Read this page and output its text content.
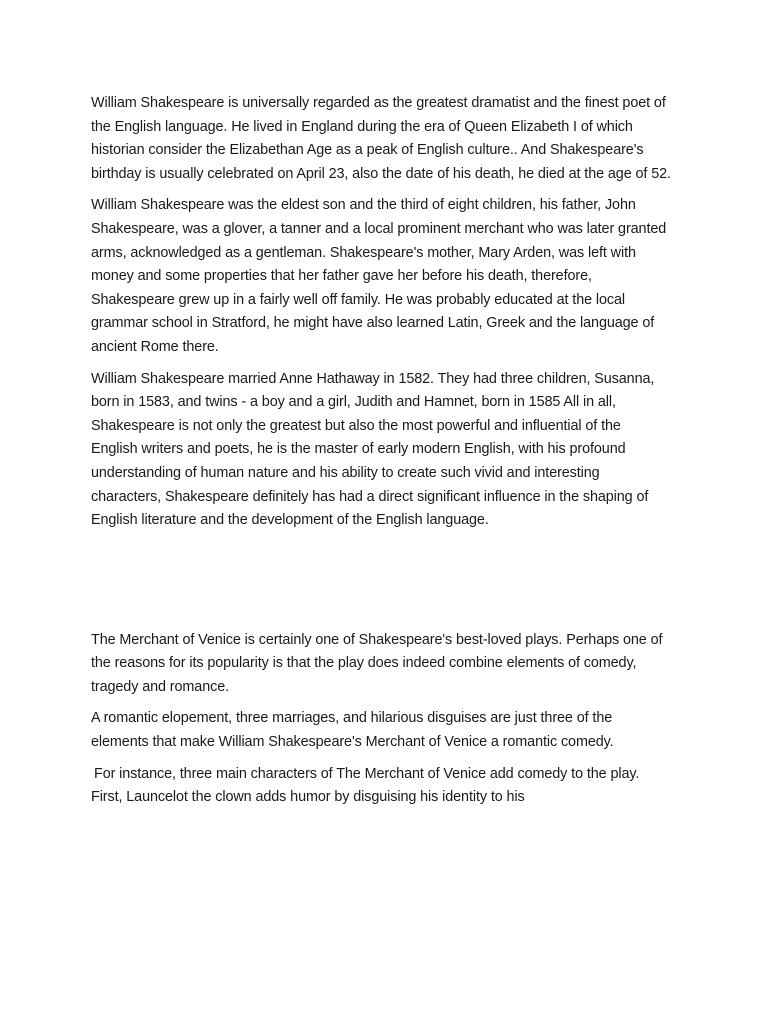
William Shakespeare is universally regarded as the greatest dramatist and the finest poet of the English language. He lived in England during the era of Queen Elizabeth I of which historian consider the Elizabethan Age as a peak of English culture.. And Shakespeare's birthday is usually celebrated on April 23, also the date of his death, he died at the age of 52.

William Shakespeare was the eldest son and the third of eight children, his father, John Shakespeare, was a glover, a tanner and a local prominent merchant who was later granted arms, acknowledged as a gentleman. Shakespeare's mother, Mary Arden, was left with money and some properties that her father gave her before his death, therefore, Shakespeare grew up in a fairly well off family. He was probably educated at the local grammar school in Stratford, he might have also learned Latin, Greek and the language of ancient Rome there.

William Shakespeare married Anne Hathaway in 1582. They had three children, Susanna, born in 1583, and twins - a boy and a girl, Judith and Hamnet, born in 1585 All in all, Shakespeare is not only the greatest but also the most powerful and influential of the English writers and poets, he is the master of early modern English, with his profound understanding of human nature and his ability to create such vivid and interesting characters, Shakespeare definitely has had a direct significant influence in the shaping of English literature and the development of the English language.

The Merchant of Venice is certainly one of Shakespeare's best-loved plays. Perhaps one of the reasons for its popularity is that the play does indeed combine elements of comedy, tragedy and romance.

A romantic elopement, three marriages, and hilarious disguises are just three of the elements that make William Shakespeare's Merchant of Venice a romantic comedy.

For instance, three main characters of The Merchant of Venice add comedy to the play. First, Launcelot the clown adds humor by disguising his identity to his
